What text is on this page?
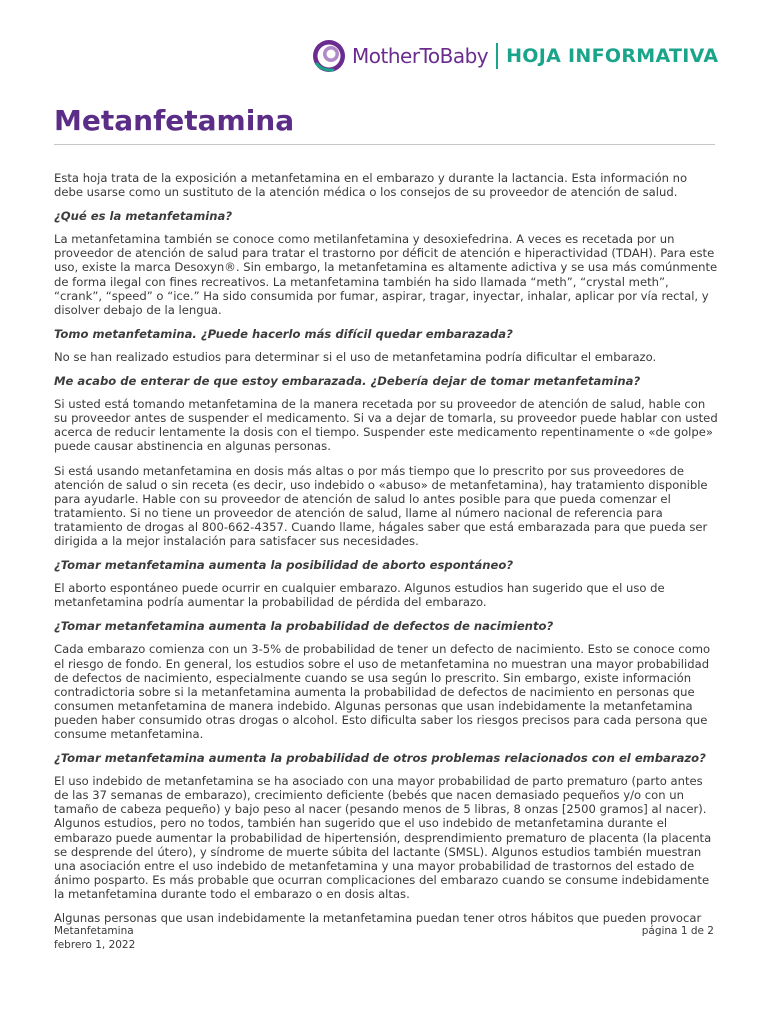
MotherToBaby HOJA INFORMATIVA
Metanfetamina

Esta hoja trata de la exposición a metanfetamina en el embarazo y durante la lactancia. Esta información no debe usarse como un sustituto de la atención médica o los consejos de su proveedor de atención de salud.

¿Qué es la metanfetamina?

La metanfetamina también se conoce como metilanfetamina y desoxiefedrina. A veces es recetada por un proveedor de atención de salud para tratar el trastorno por déficit de atención e hiperactividad (TDAH). Para este uso, existe la marca Desoxyn®. Sin embargo, la metanfetamina es altamente adictiva y se usa más comúnmente de forma ilegal con fines recreativos. La metanfetamina también ha sido llamada “meth”, “crystal meth”, “crank”, “speed” o “ice.” Ha sido consumida por fumar, aspirar, tragar, inyectar, inhalar, aplicar por vía rectal, y disolver debajo de la lengua.

Tomo metanfetamina. ¿Puede hacerlo más difícil quedar embarazada?

No se han realizado estudios para determinar si el uso de metanfetamina podría dificultar el embarazo.

Me acabo de enterar de que estoy embarazada. ¿Debería dejar de tomar metanfetamina?

Si usted está tomando metanfetamina de la manera recetada por su proveedor de atención de salud, hable con su proveedor antes de suspender el medicamento. Si va a dejar de tomarla, su proveedor puede hablar con usted acerca de reducir lentamente la dosis con el tiempo. Suspender este medicamento repentinamente o «de golpe» puede causar abstinencia en algunas personas.

Si está usando metanfetamina en dosis más altas o por más tiempo que lo prescrito por sus proveedores de atención de salud o sin receta (es decir, uso indebido o «abuso» de metanfetamina), hay tratamiento disponible para ayudarle. Hable con su proveedor de atención de salud lo antes posible para que pueda comenzar el tratamiento. Si no tiene un proveedor de atención de salud, llame al número nacional de referencia para tratamiento de drogas al 800-662-4357. Cuando llame, hágales saber que está embarazada para que pueda ser dirigida a la mejor instalación para satisfacer sus necesidades.

¿Tomar metanfetamina aumenta la posibilidad de aborto espontáneo?

El aborto espontáneo puede ocurrir en cualquier embarazo. Algunos estudios han sugerido que el uso de metanfetamina podría aumentar la probabilidad de pérdida del embarazo.

¿Tomar metanfetamina aumenta la probabilidad de defectos de nacimiento?

Cada embarazo comienza con un 3-5% de probabilidad de tener un defecto de nacimiento. Esto se conoce como el riesgo de fondo. En general, los estudios sobre el uso de metanfetamina no muestran una mayor probabilidad de defectos de nacimiento, especialmente cuando se usa según lo prescrito. Sin embargo, existe información contradictoria sobre si la metanfetamina aumenta la probabilidad de defectos de nacimiento en personas que consumen metanfetamina de manera indebido. Algunas personas que usan indebidamente la metanfetamina pueden haber consumido otras drogas o alcohol. Esto dificulta saber los riesgos precisos para cada persona que consume metanfetamina.

¿Tomar metanfetamina aumenta la probabilidad de otros problemas relacionados con el embarazo?

El uso indebido de metanfetamina se ha asociado con una mayor probabilidad de parto prematuro (parto antes de las 37 semanas de embarazo), crecimiento deficiente (bebés que nacen demasiado pequeños y/o con un tamaño de cabeza pequeño) y bajo peso al nacer (pesando menos de 5 libras, 8 onzas [2500 gramos] al nacer). Algunos estudios, pero no todos, también han sugerido que el uso indebido de metanfetamina durante el embarazo puede aumentar la probabilidad de hipertensión, desprendimiento prematuro de placenta (la placenta se desprende del útero), y síndrome de muerte súbita del lactante (SMSL). Algunos estudios también muestran una asociación entre el uso indebido de metanfetamina y una mayor probabilidad de trastornos del estado de ánimo posparto. Es más probable que ocurran complicaciones del embarazo cuando se consume indebidamente la metanfetamina durante todo el embarazo o en dosis altas.

Algunas personas que usan indebidamente la metanfetamina puedan tener otros hábitos que pueden provocar

Metanfetamina
febrero 1, 2022
página 1 de 2
